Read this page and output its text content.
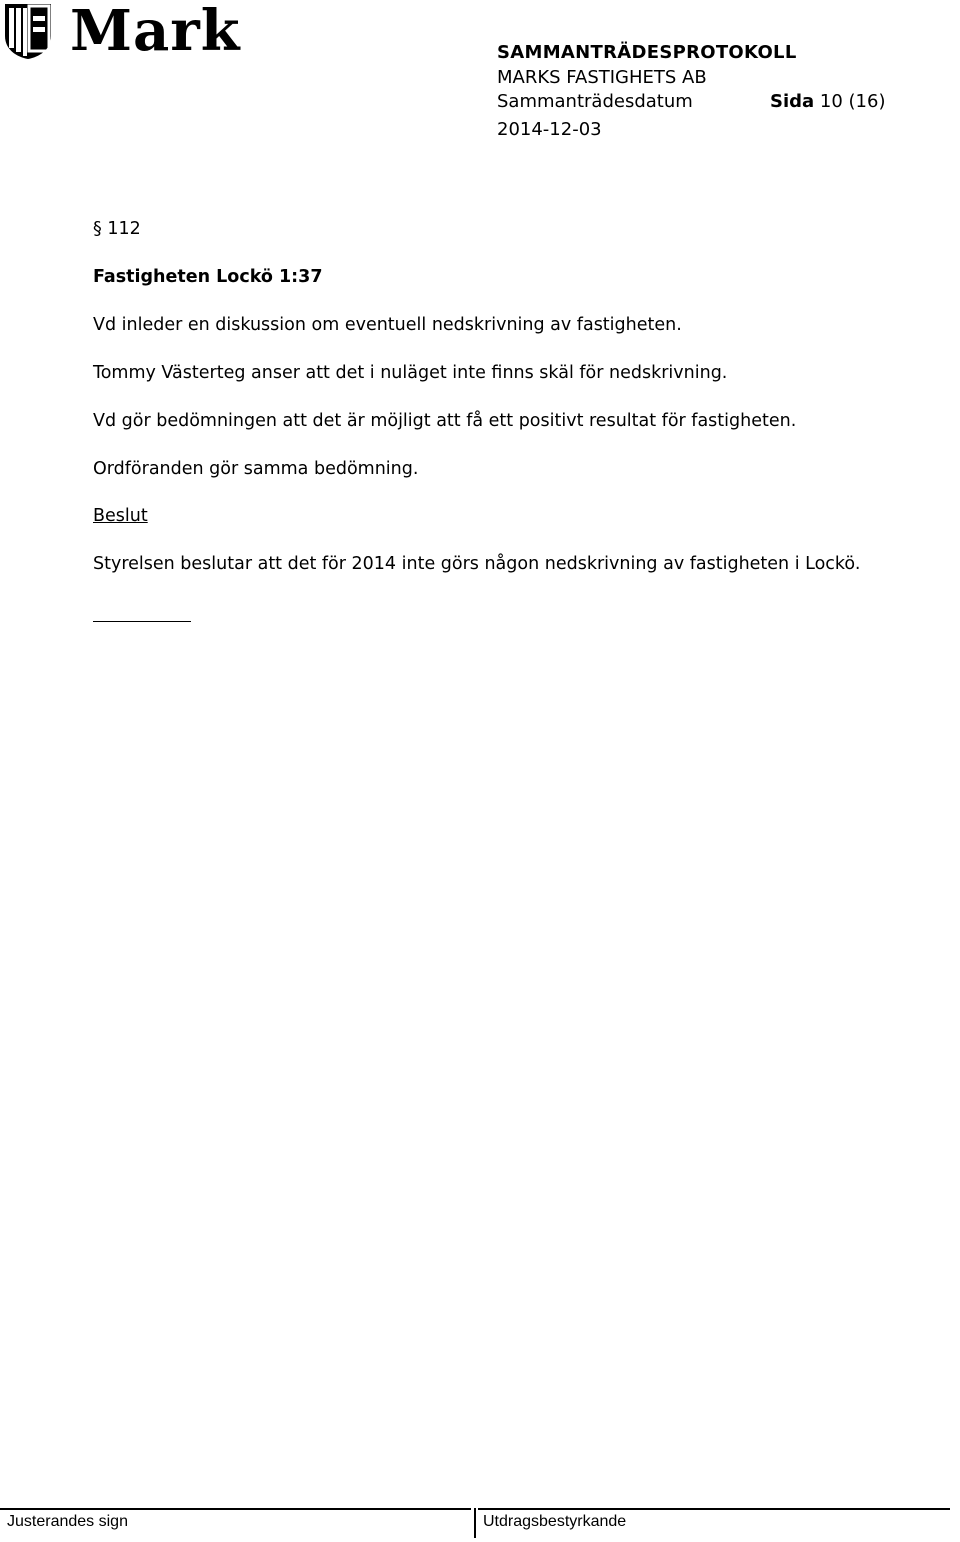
Mark	SAMMANTRÄDESPROTOKOLL
MARKS FASTIGHETS AB
Sammanträdesdatum	Sida 10 (16)
2014-12-03
§ 112
Fastigheten Lockö 1:37
Vd inleder en diskussion om eventuell nedskrivning av fastigheten.
Tommy Västerteg anser att det i nuläget inte finns skäl för nedskrivning.
Vd gör bedömningen att det är möjligt att få ett positivt resultat för fastigheten.
Ordföranden gör samma bedömning.
Beslut
Styrelsen beslutar att det för 2014 inte görs någon nedskrivning av fastigheten i Lockö.
Justerandes sign	Utdragsbestyrkande
